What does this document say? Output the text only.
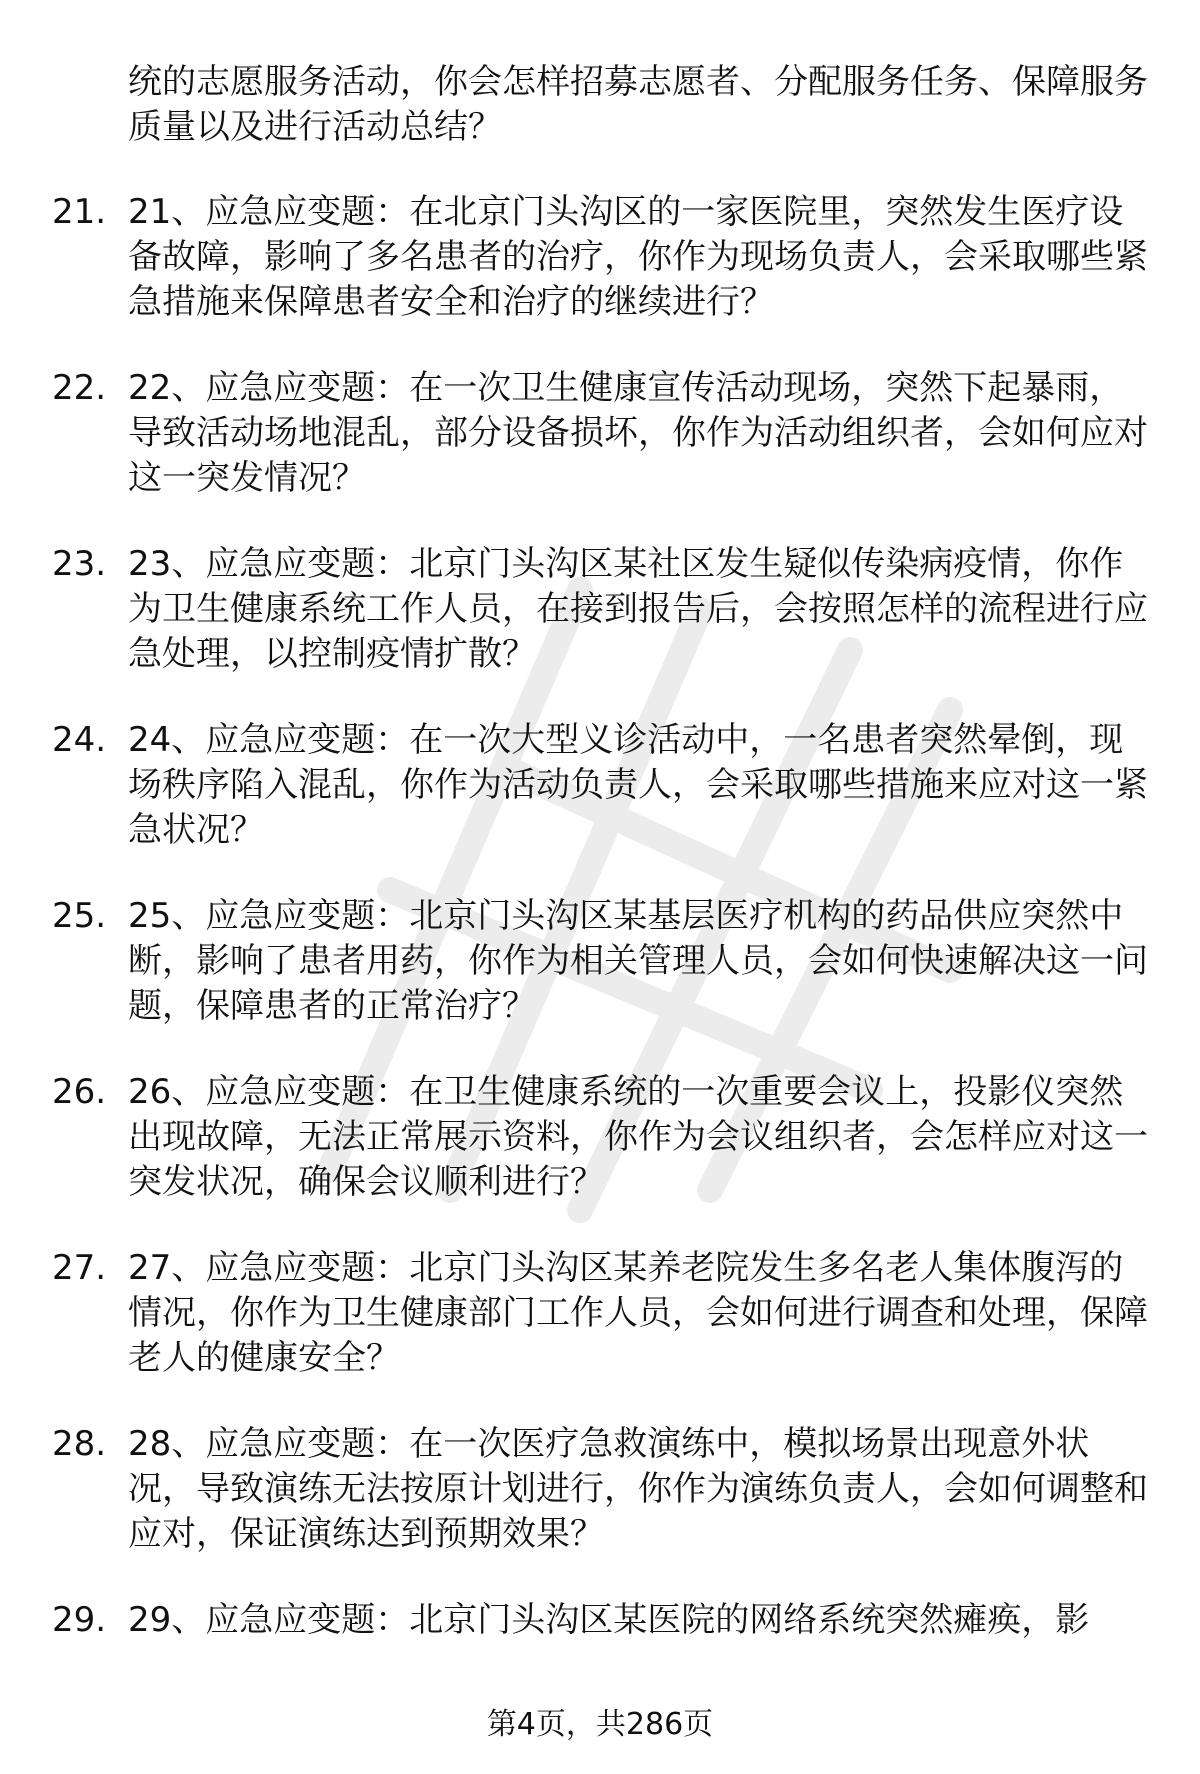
统的志愿服务活动，你会怎样招募志愿者、分配服务任务、保障服务质量以及进行活动总结？
21. 21、应急应变题：在北京门头沟区的一家医院里，突然发生医疗设备故障，影响了多名患者的治疗，你作为现场负责人，会采取哪些紧急措施来保障患者安全和治疗的继续进行？
22. 22、应急应变题：在一次卫生健康宣传活动现场，突然下起暴雨，导致活动场地混乱，部分设备损坏，你作为活动组织者，会如何应对这一突发情况？
23. 23、应急应变题：北京门头沟区某社区发生疑似传染病疫情，你作为卫生健康系统工作人员，在接到报告后，会按照怎样的流程进行应急处理，以控制疫情扩散？
24. 24、应急应变题：在一次大型义诊活动中，一名患者突然晕倒，现场秩序陷入混乱，你作为活动负责人，会采取哪些措施来应对这一紧急状况？
25. 25、应急应变题：北京门头沟区某基层医疗机构的药品供应突然中断，影响了患者用药，你作为相关管理人员，会如何快速解决这一问题，保障患者的正常治疗？
26. 26、应急应变题：在卫生健康系统的一次重要会议上，投影仪突然出现故障，无法正常展示资料，你作为会议组织者，会怎样应对这一突发状况，确保会议顺利进行？
27. 27、应急应变题：北京门头沟区某养老院发生多名老人集体腹泻的情况，你作为卫生健康部门工作人员，会如何进行调查和处理，保障老人的健康安全？
28. 28、应急应变题：在一次医疗急救演练中，模拟场景出现意外状况，导致演练无法按原计划进行，你作为演练负责人，会如何调整和应对，保证演练达到预期效果？
29. 29、应急应变题：北京门头沟区某医院的网络系统突然瘫痪，影
第4页，共286页
